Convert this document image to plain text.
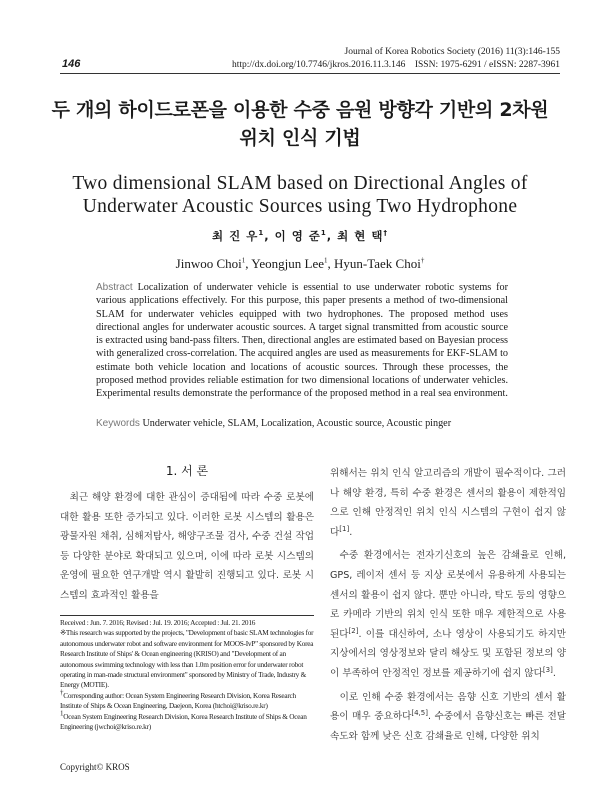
Journal of Korea Robotics Society (2016) 11(3):146-155
http://dx.doi.org/10.7746/jkros.2016.11.3.146    ISSN: 1975-6291 / eISSN: 2287-3961
146
두 개의 하이드로폰을 이용한 수중 음원 방향각 기반의 2차원
위치 인식 기법
Two dimensional SLAM based on Directional Angles of
Underwater Acoustic Sources using Two Hydrophone
최 진 우$^1$, 이 영 준$^1$, 최 현 택†
Jinwoo Choi$^1$, Yeongjun Lee$^1$, Hyun-Taek Choi†
Abstract Localization of underwater vehicle is essential to use underwater robotic systems for various applications effectively. For this purpose, this paper presents a method of two-dimensional SLAM for underwater vehicles equipped with two hydrophones. The proposed method uses directional angles for underwater acoustic sources. A target signal transmitted from acoustic source is extracted using band-pass filters. Then, directional angles are estimated based on Bayesian process with generalized cross-correlation. The acquired angles are used as measurements for EKF-SLAM to estimate both vehicle location and locations of acoustic sources. Through these processes, the proposed method provides reliable estimation for two dimensional locations of underwater vehicles. Experimental results demonstrate the performance of the proposed method in a real sea environment.
Keywords Underwater vehicle, SLAM, Localization, Acoustic source, Acoustic pinger
1. 서 론

최근 해양 환경에 대한 관심이 증대됨에 따라 수중 로봇에 대한 활용 또한 증가되고 있다. 이러한 로봇 시스템의 활용은 광물자원 채취, 심해저탐사, 해양구조물 검사, 수중 건설 작업 등 다양한 분야로 확대되고 있으며, 이에 따라 로봇 시스템의 운영에 필요한 연구개발 역시 활발히 진행되고 있다. 로봇 시스템의 효과적인 활용을

위해서는 위치 인식 알고리즘의 개발이 필수적이다. 그러나 해양 환경, 특히 수중 환경은 센서의 활용이 제한적임으로 인해 안정적인 위치 인식 시스템의 구현이 쉽지 않다[1].

수중 환경에서는 전자기신호의 높은 감쇄율로 인해, GPS, 레이저 센서 등 지상 로봇에서 유용하게 사용되는 센서의 활용이 쉽지 않다. 뿐만 아니라, 탁도 등의 영향으로 카메라 기반의 위치 인식 또한 매우 제한적으로 사용된다[2]. 이를 대신하여, 소나 영상이 사용되기도 하지만 지상에서의 영상정보와 달리 해상도 및 포함된 정보의 양이 부족하여 안정적인 정보를 제공하기에 쉽지 않다[3].

이로 인해 수중 환경에서는 음향 신호 기반의 센서 활용이 매우 중요하다[4,5]. 수중에서 음향신호는 빠른 전달 속도와 함께 낮은 신호 감쇄율로 인해, 다양한 위치

Received : Jun. 7. 2016; Revised : Jul. 19. 2016; Accepted : Jul. 21. 2016
※This research was supported by the projects, "Development of basic SLAM technologies for autonomous underwater robot and software environment for MOOS-IvP" sponsored by Korea Research Institute of Ships' & Ocean engineering (KRISO) and "Development of an autonomous swimming technology with less than 1.0m position error for underwater robot operating in man-made structural environment" sponsored by Ministry of Trade, Industry & Energy (MOTIE).
†Corresponding author: Ocean System Engineering Research Division, Korea Research Institute of Ships & Ocean Engineering, Daejeon, Korea (htchoi@kriso.re.kr)
$^1$Ocean System Engineering Research Division, Korea Research Institute of Ships & Ocean Engineering (jwchoi@kriso.re.kr)
Copyright© KROS
